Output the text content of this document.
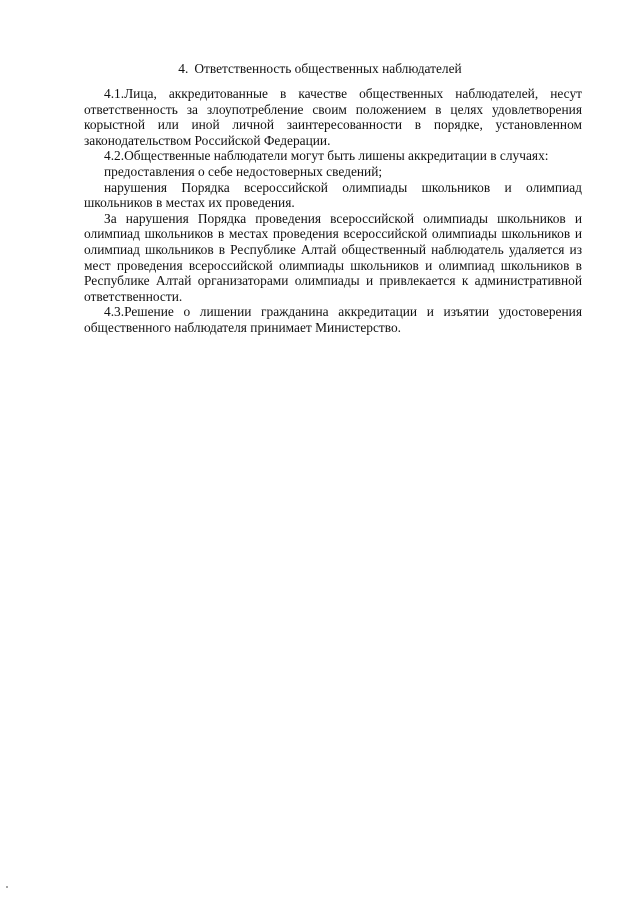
4. Ответственность общественных наблюдателей

4.1.Лица, аккредитованные в качестве общественных наблюдателей, несут ответственность за злоупотребление своим положением в целях удовлетворения корыстной или иной личной заинтересованности в порядке, установленном законодательством Российской Федерации.

4.2.Общественные наблюдатели могут быть лишены аккредитации в случаях:

предоставления о себе недостоверных сведений;

нарушения Порядка всероссийской олимпиады школьников и олимпиад школьников в местах их проведения.

За нарушения Порядка проведения всероссийской олимпиады школьников и олимпиад школьников в местах проведения всероссийской олимпиады школьников и олимпиад школьников в Республике Алтай общественный наблюдатель удаляется из мест проведения всероссийской олимпиады школьников и олимпиад школьников в Республике Алтай организаторами олимпиады и привлекается к административной ответственности.

4.3.Решение о лишении гражданина аккредитации и изъятии удостоверения общественного наблюдателя принимает Министерство.
